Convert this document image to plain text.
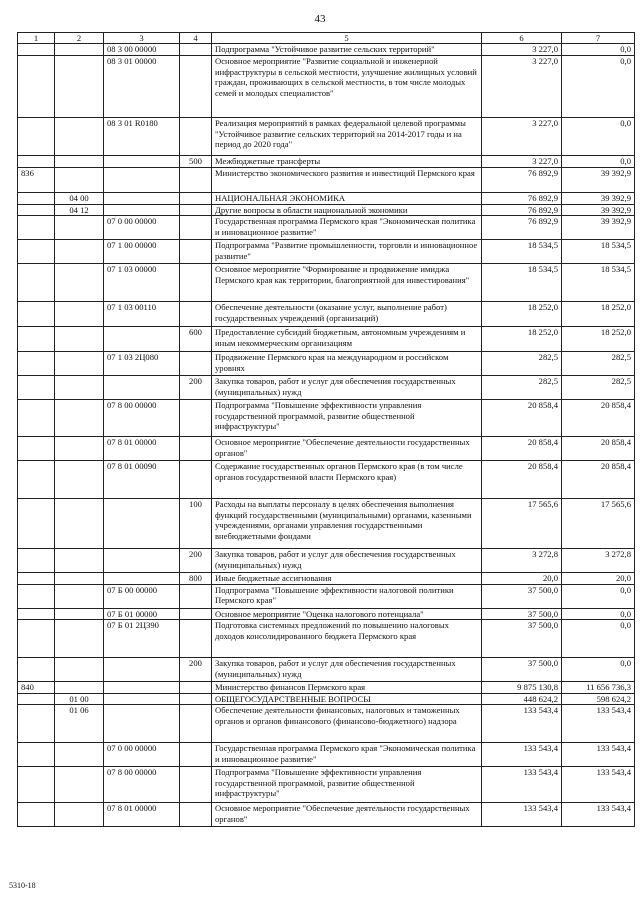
43
1	2	3	4	5	6	7
		08 3 00 00000		Подпрограмма "Устойчивое развитие сельских территорий"	3 227,0	0,0
		08 3 01 00000		Основное мероприятие "Развитие социальной и инженерной инфраструктуры в сельской местности, улучшение жилищных условий граждан, проживающих в сельской местности, в том числе молодых семей и молодых специалистов"	3 227,0	0,0
		08 3 01 R0180		Реализация мероприятий в рамках федеральной целевой программы "Устойчивое развитие сельских территорий на 2014-2017 годы и на период до 2020 года"	3 227,0	0,0
			500	Межбюджетные трансферты	3 227,0	0,0
836				Министерство экономического развития и инвестиций Пермского края	76 892,9	39 392,9
	04 00			НАЦИОНАЛЬНАЯ ЭКОНОМИКА	76 892,9	39 392,9
	04 12			Другие вопросы в области национальной экономики	76 892,9	39 392,9
		07 0 00 00000		Государственная программа Пермского края "Экономическая политика и инновационное развитие"	76 892,9	39 392,9
		07 1 00 00000		Подпрограмма "Развитие промышленности, торговли и инновационное развитие"	18 534,5	18 534,5
		07 1 03 00000		Основное мероприятие "Формирование и продвижение имиджа Пермского края как территории, благоприятной для инвестирования"	18 534,5	18 534,5
		07 1 03 00110		Обеспечение деятельности (оказание услуг, выполнение работ) государственных учреждений (организаций)	18 252,0	18 252,0
			600	Предоставление субсидий бюджетным, автономным учреждениям и иным некоммерческим организациям	18 252,0	18 252,0
		07 1 03 2Ц080		Продвижение Пермского края на международном и российском уровнях	282,5	282,5
			200	Закупка товаров, работ и услуг для обеспечения государственных (муниципальных) нужд	282,5	282,5
		07 8 00 00000		Подпрограмма "Повышение эффективности управления государственной программой, развитие общественной инфраструктуры"	20 858,4	20 858,4
		07 8 01 00000		Основное мероприятие "Обеспечение деятельности государственных органов"	20 858,4	20 858,4
		07 8 01 00090		Содержание государственных органов Пермского края (в том числе органов государственной власти Пермского края)	20 858,4	20 858,4
			100	Расходы на выплаты персоналу в целях обеспечения выполнения функций государственными (муниципальными) органами, казенными учреждениями, органами управления государственными внебюджетными фондами	17 565,6	17 565,6
			200	Закупка товаров, работ и услуг для обеспечения государственных (муниципальных) нужд	3 272,8	3 272,8
			800	Иные бюджетные ассигнования	20,0	20,0
		07 Б 00 00000		Подпрограмма "Повышение эффективности налоговой политики Пермского края"	37 500,0	0,0
		07 Б 01 00000		Основное мероприятие "Оценка налогового потенциала"	37 500,0	0,0
		07 Б 01 2Ц390		Подготовка системных предложений по повышению налоговых доходов консолидированного бюджета Пермского края	37 500,0	0,0
			200	Закупка товаров, работ и услуг для обеспечения государственных (муниципальных) нужд	37 500,0	0,0
840				Министерство финансов Пермского края	9 875 130,8	11 656 736,3
	01 00			ОБЩЕГОСУДАРСТВЕННЫЕ ВОПРОСЫ	448 624,2	598 624,2
	01 06			Обеспечение деятельности финансовых, налоговых и таможенных органов и органов финансового (финансово-бюджетного) надзора	133 543,4	133 543,4
		07 0 00 00000		Государственная программа Пермского края "Экономическая политика и инновационное развитие"	133 543,4	133 543,4
		07 8 00 00000		Подпрограмма "Повышение эффективности управления государственной программой, развитие общественной инфраструктуры"	133 543,4	133 543,4
		07 8 01 00000		Основное мероприятие "Обеспечение деятельности государственных органов"	133 543,4	133 543,4
5310-18
